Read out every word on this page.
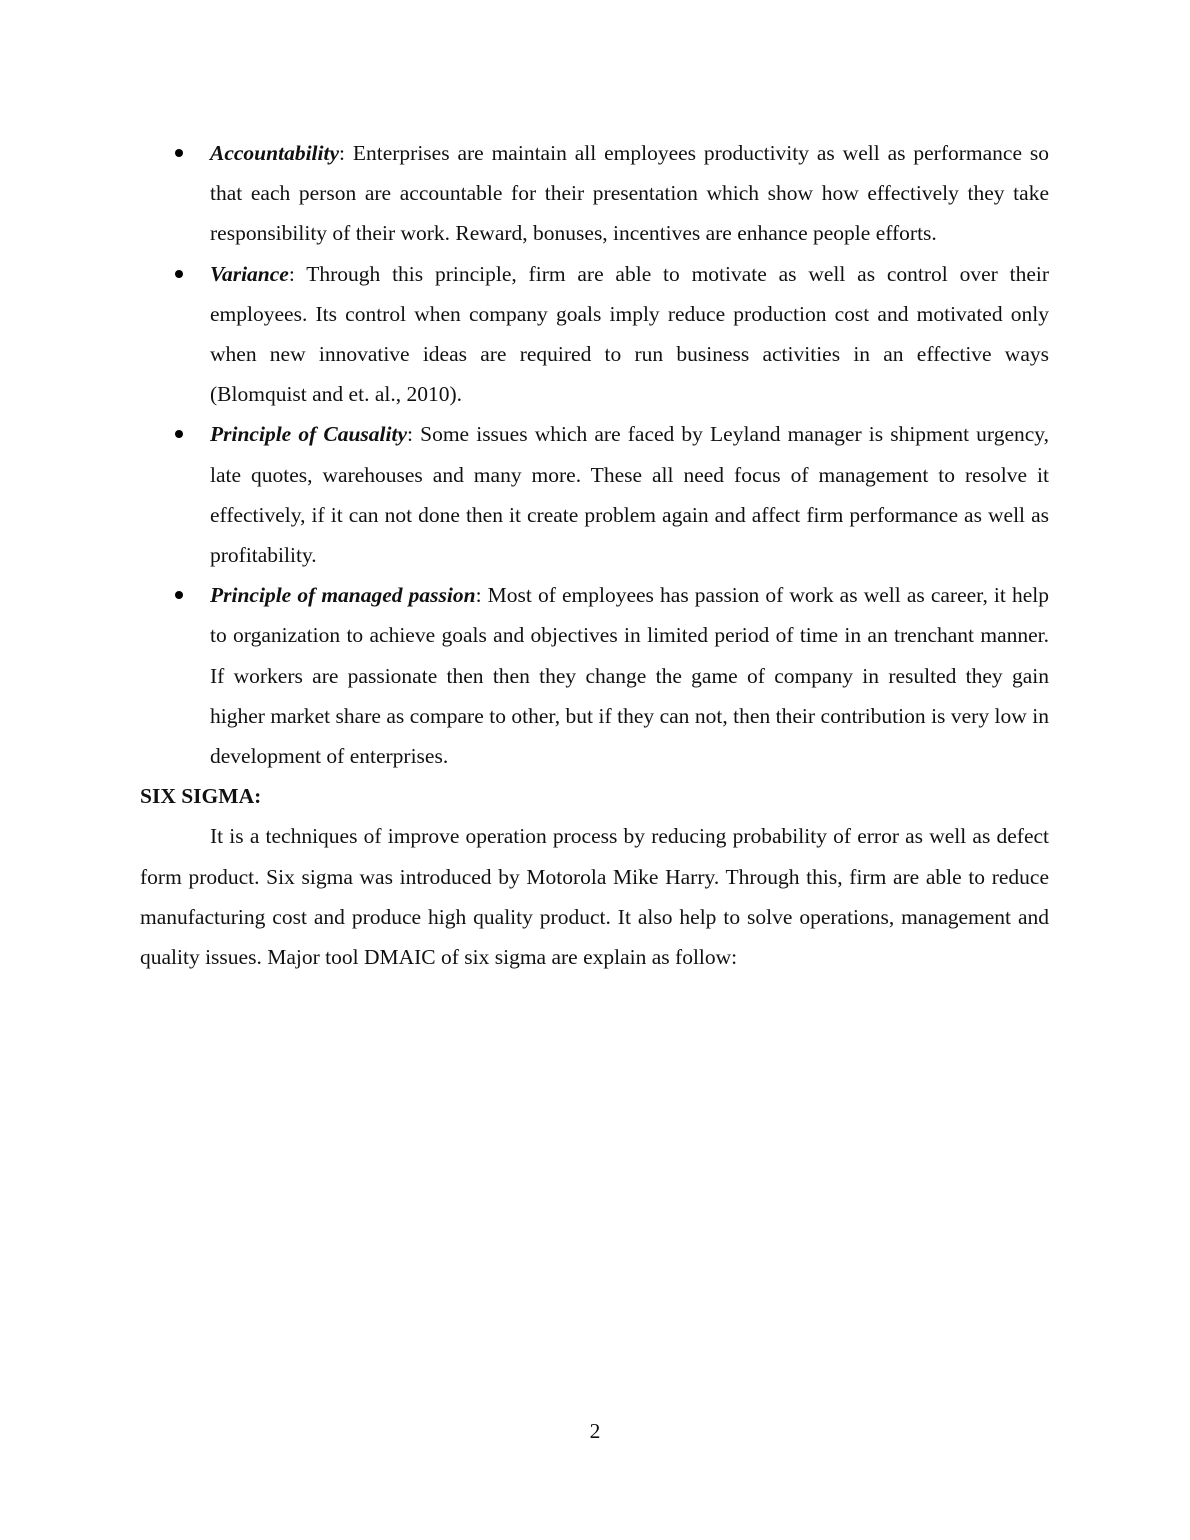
Accountability: Enterprises are maintain all employees productivity as well as performance so that each person are accountable for their presentation which show how effectively they take responsibility of their work. Reward, bonuses, incentives are enhance people efforts.
Variance: Through this principle, firm are able to motivate as well as control over their employees. Its control when company goals imply reduce production cost and motivated only when new innovative ideas are required to run business activities in an effective ways (Blomquist and et. al., 2010).
Principle of Causality: Some issues which are faced by Leyland manager is shipment urgency, late quotes, warehouses and many more. These all need focus of management to resolve it effectively, if it can not done then it create problem again and affect firm performance as well as profitability.
Principle of managed passion: Most of employees has passion of work as well as career, it help to organization to achieve goals and objectives in limited period of time in an trenchant manner. If workers are passionate then then they change the game of company in resulted they gain higher market share as compare to other, but if they can not, then their contribution is very low in development of enterprises.

SIX SIGMA:

It is a techniques of improve operation process by reducing probability of error as well as defect form product. Six sigma was introduced by Motorola Mike Harry. Through this, firm are able to reduce manufacturing cost and produce high quality product. It also help to solve operations, management and quality issues. Major tool DMAIC of six sigma are explain as follow:

2
